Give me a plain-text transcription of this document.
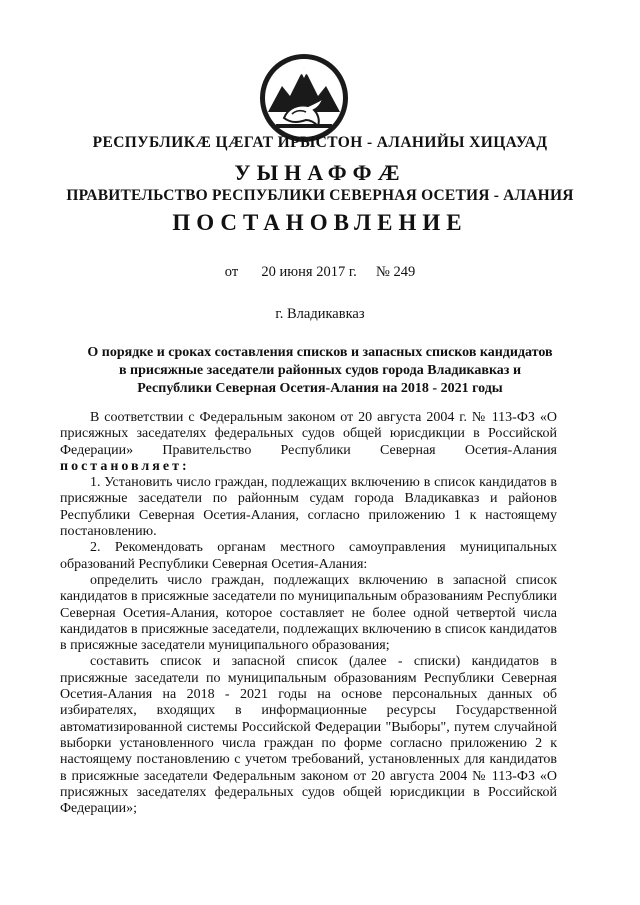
РЕСПУБЛИКӔ ЦӔГАТ ИРЫСТОН - АЛАНИЙЫ ХИЦАУАД
УЫНАФФӔ
ПРАВИТЕЛЬСТВО РЕСПУБЛИКИ СЕВЕРНАЯ ОСЕТИЯ - АЛАНИЯ
ПОСТАНОВЛЕНИЕ
от 20 июня 2017 г. № 249
г. Владикавказ
О порядке и сроках составления списков и запасных списков кандидатов
в присяжные заседатели районных судов города Владикавказ и
Республики Северная Осетия-Алания на 2018 - 2021 годы

В соответствии с Федеральным законом от 20 августа 2004 г. № 113-ФЗ «О присяжных заседателях федеральных судов общей юрисдикции в Российской Федерации» Правительство Республики Северная Осетия-Алания постановляет:

1. Установить число граждан, подлежащих включению в список кандидатов в присяжные заседатели по районным судам города Владикавказ и районов Республики Северная Осетия-Алания, согласно приложению 1 к настоящему постановлению.

2. Рекомендовать органам местного самоуправления муниципальных образований Республики Северная Осетия-Алания:

определить число граждан, подлежащих включению в запасной список кандидатов в присяжные заседатели по муниципальным образованиям Республики Северная Осетия-Алания, которое составляет не более одной четвертой числа кандидатов в присяжные заседатели, подлежащих включению в список кандидатов в присяжные заседатели муниципального образования;

составить список и запасной список (далее - списки) кандидатов в присяжные заседатели по муниципальным образованиям Республики Северная Осетия-Алания на 2018 - 2021 годы на основе персональных данных об избирателях, входящих в информационные ресурсы Государственной автоматизированной системы Российской Федерации "Выборы", путем случайной выборки установленного числа граждан по форме согласно приложению 2 к настоящему постановлению с учетом требований, установленных для кандидатов в присяжные заседатели Федеральным законом от 20 августа 2004 № 113-ФЗ «О присяжных заседателях федеральных судов общей юрисдикции в Российской Федерации»;
